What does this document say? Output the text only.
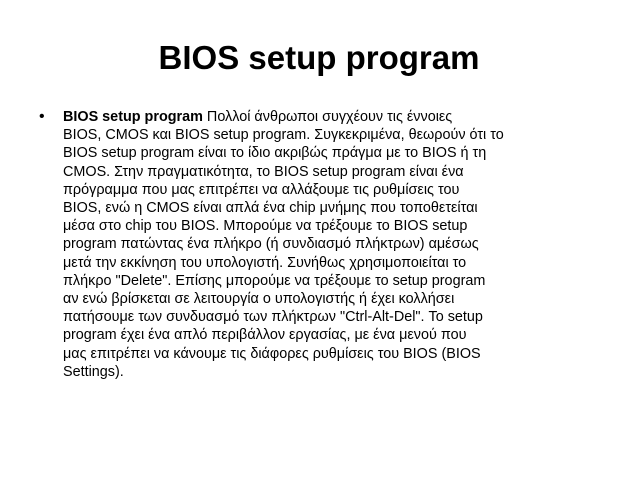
BIOS setup program
• BIOS setup program Πολλοί άνθρωποι συγχέουν τις έννοιες
BIOS, CMOS και BIOS setup program. Συγκεκριμένα, θεωρούν ότι το
BIOS setup program είναι το ίδιο ακριβώς πράγμα με το BIOS ή τη
CMOS. Στην πραγματικότητα, το BIOS setup program είναι ένα
πρόγραμμα που μας επιτρέπει να αλλάξουμε τις ρυθμίσεις του
BIOS, ενώ η CMOS είναι απλά ένα chip μνήμης που τοποθετείται
μέσα στο chip του BIOS. Μπορούμε να τρέξουμε το BIOS setup
program πατώντας ένα πλήκρο (ή συνδιασμό πλήκτρων) αμέσως
μετά την εκκίνηση του υπολογιστή. Συνήθως χρησιμοποιείται το
πλήκρο "Delete". Επίσης μπορούμε να τρέξουμε το setup program
αν ενώ βρίσκεται σε λειτουργία ο υπολογιστής ή έχει κολλήσει
πατήσουμε των συνδυασμό των πλήκτρων "Ctrl-Alt-Del". Το setup
program έχει ένα απλό περιβάλλον εργασίας, με ένα μενού που
μας επιτρέπει να κάνουμε τις διάφορες ρυθμίσεις του BIOS (BIOS
Settings).
